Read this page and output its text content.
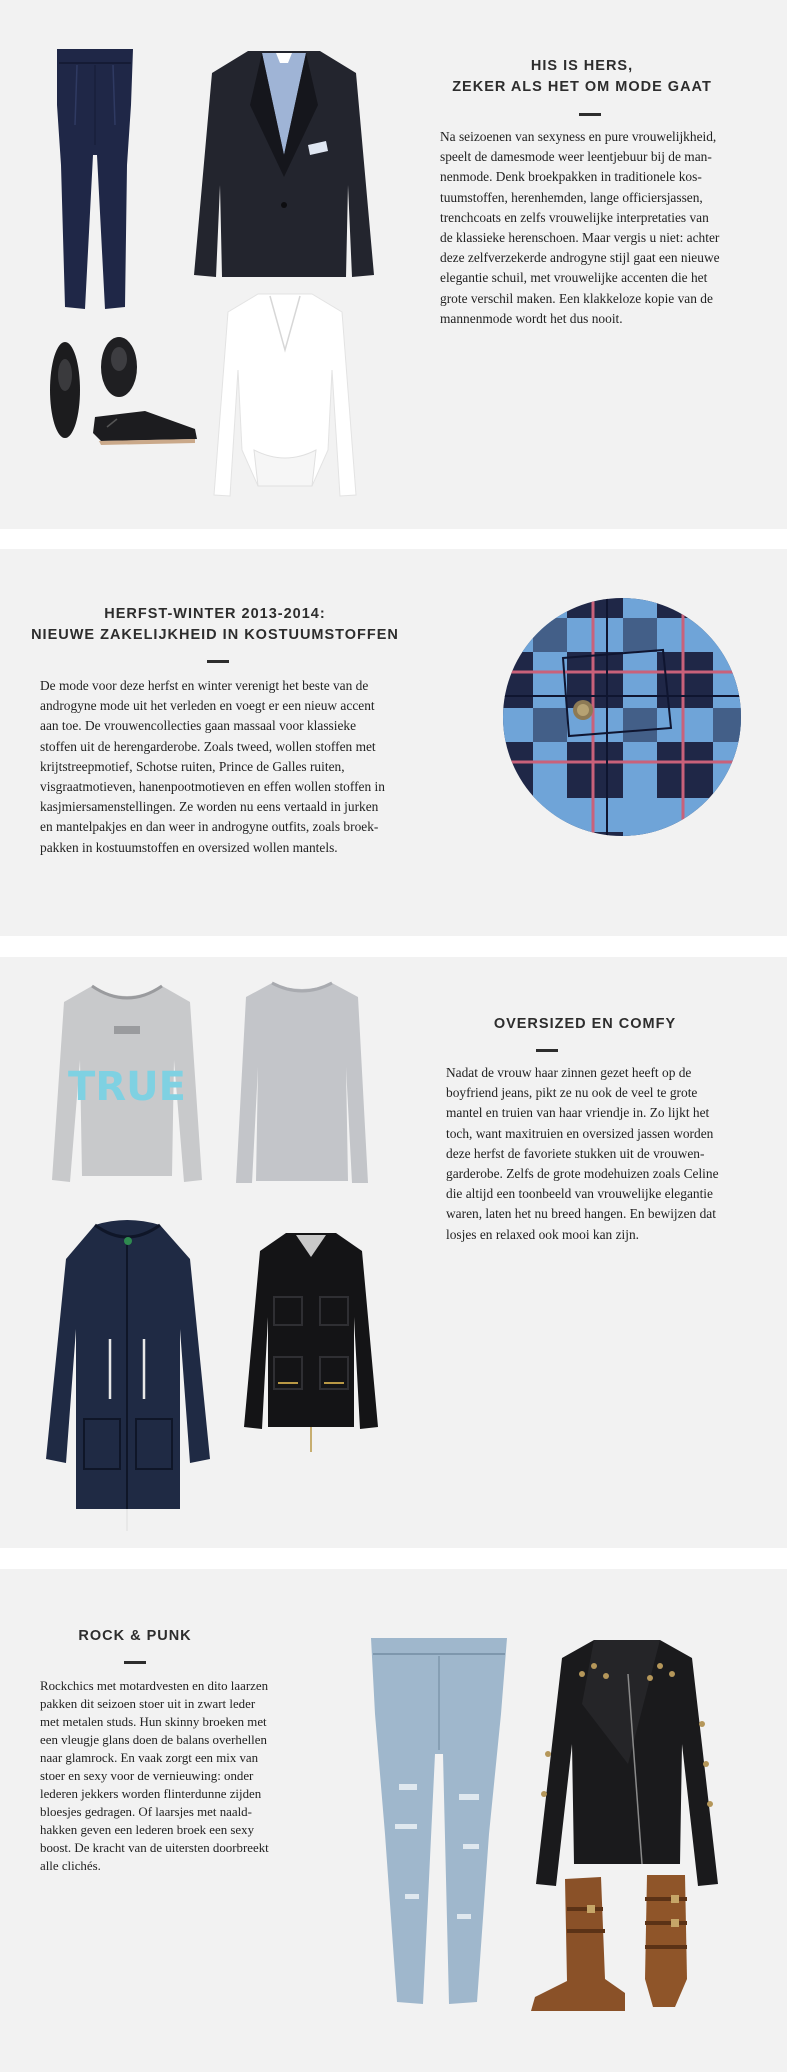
HIS IS HERS,
ZEKER ALS HET OM MODE GAAT
Na seizoenen van sexyness en pure vrouwelijkheid,
speelt de damesmode weer leentjebuur bij de man-
nenmode. Denk broekpakken in traditionele kos-
tuumstoffen, herenhemden, lange officiersjassen,
trenchcoats en zelfs vrouwelijke interpretaties van
de klassieke herenschoen. Maar vergis u niet: achter
deze zelfverzekerde androgyne stijl gaat een nieuwe
elegantie schuil, met vrouwelijke accenten die het
grote verschil maken. Een klakkeloze kopie van de
mannenmode wordt het dus nooit.
HERFST-WINTER 2013-2014:
NIEUWE ZAKELIJKHEID IN KOSTUUMSTOFFEN
De mode voor deze herfst en winter verenigt het beste van de
androgyne mode uit het verleden en voegt er een nieuw accent
aan toe. De vrouwencollecties gaan massaal voor klassieke
stoffen uit de herengarderobe. Zoals tweed, wollen stoffen met
krijtstreepmotief, Schotse ruiten, Prince de Galles ruiten,
visgraatmotieven, hanenpootmotieven en effen wollen stoffen in
kasjmiersamenstellingen. Ze worden nu eens vertaald in jurken
en mantelpakjes en dan weer in androgyne outfits, zoals broek-
pakken in kostuumstoffen en oversized wollen mantels.
TRUE
OVERSIZED EN COMFY
Nadat de vrouw haar zinnen gezet heeft op de
boyfriend jeans, pikt ze nu ook de veel te grote
mantel en truien van haar vriendje in. Zo lijkt het
toch, want maxitruien en oversized jassen worden
deze herfst de favoriete stukken uit de vrouwen-
garderobe. Zelfs de grote modehuizen zoals Celine
die altijd een toonbeeld van vrouwelijke elegantie
waren, laten het nu breed hangen. En bewijzen dat
losjes en relaxed ook mooi kan zijn.
ROCK & PUNK
Rockchics met motardvesten en dito laarzen
pakken dit seizoen stoer uit in zwart leder
met metalen studs. Hun skinny broeken met
een vleugje glans doen de balans overhellen
naar glamrock. En vaak zorgt een mix van
stoer en sexy voor de vernieuwing: onder
lederen jekkers worden flinterdunne zijden
bloesjes gedragen. Of laarsjes met naald-
hakken geven een lederen broek een sexy
boost. De kracht van de uitersten doorbreekt
alle clichés.
